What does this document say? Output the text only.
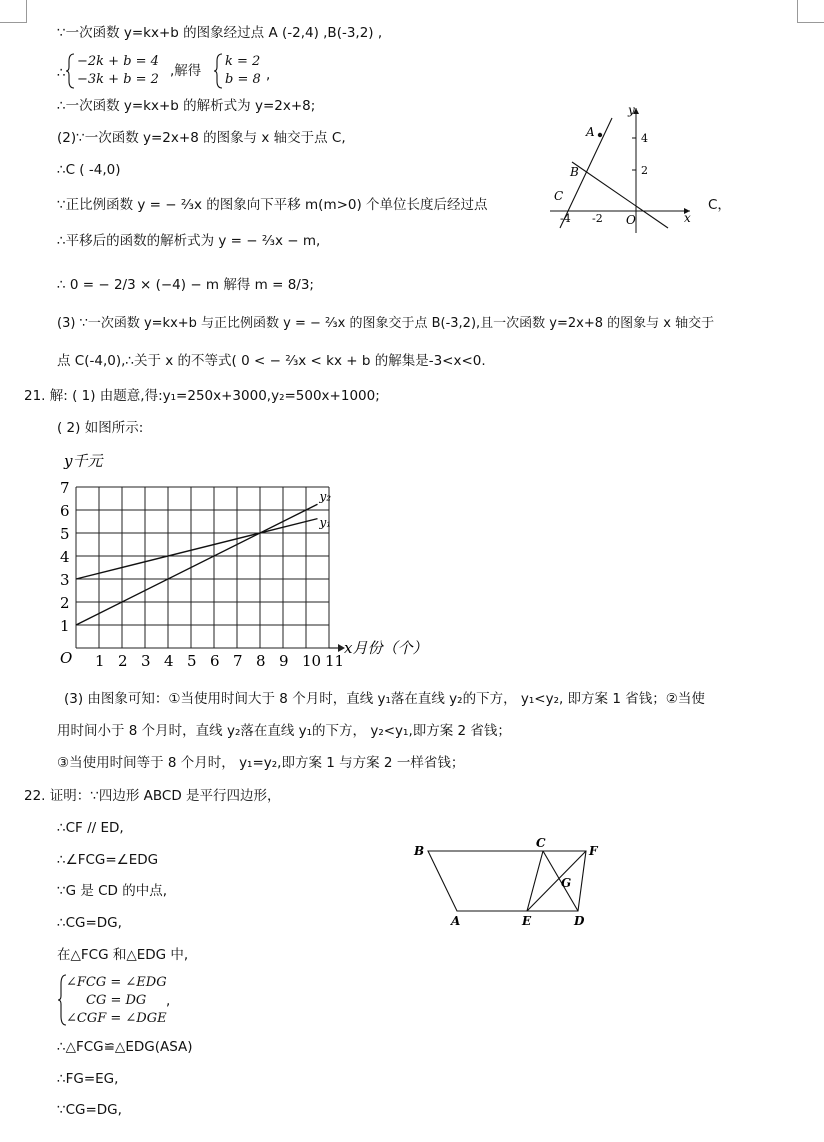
∵一次函数 y=kx+b 的图象经过点 A (-2,4) ,B(-3,2) ,
∴
−2k + b = 4
−3k + b = 2
,解得
k = 2
b = 8 ,
∴一次函数 y=kx+b 的解析式为 y=2x+8;
(2)∵一次函数 y=2x+8 的图象与 x 轴交于点 C,
∴C ( -4,0)
∵正比例函数 y = − ⅔x 的图象向下平移 m(m>0) 个单位长度后经过点	C，
∴平移后的函数的解析式为 y = − ⅔x − m,
∴ 0 = − 2/3 × (−4) − m 解得 m = 8/3;
(3) ∵一次函数 y=kx+b 与正比例函数 y = − ⅔x 的图象交于点 B(-3,2),且一次函数 y=2x+8 的图象与 x 轴交于
点 C(-4,0),∴关于 x 的不等式( 0 < − ⅔x < kx + b 的解集是-3<x<0.
y
x
O
4
2
-2
-4
A
B
C
21. 解: ( 1) 由题意,得:y₁=250x+3000,y₂=500x+1000;
( 2) 如图所示:
1 2 3 4 5 6 7 8 9 10 11
1
2
3
4
5
6
7
y₁
y₂
y千元
x月份（个）
O
(3) 由图象可知：①当使用时间大于 8 个月时，直线 y₁落在直线 y₂的下方， y₁<y₂, 即方案 1 省钱；②当使
用时间小于 8 个月时，直线 y₂落在直线 y₁的下方， y₂<y₁,即方案 2 省钱；
③当使用时间等于 8 个月时， y₁=y₂,即方案 1 与方案 2 一样省钱；
22. 证明：∵四边形 ABCD 是平行四边形，
∴CF // ED,
∴∠FCG=∠EDG
∵G 是 CD 的中点,
∴CG=DG,
在△FCG 和△EDG 中,
∠FCG = ∠EDG
CG = DG
∠CGF = ∠DGE
,
∴△FCG≌△EDG(ASA)
∴FG=EG,
∵CG=DG,
B
C
F
G
A	E	D
